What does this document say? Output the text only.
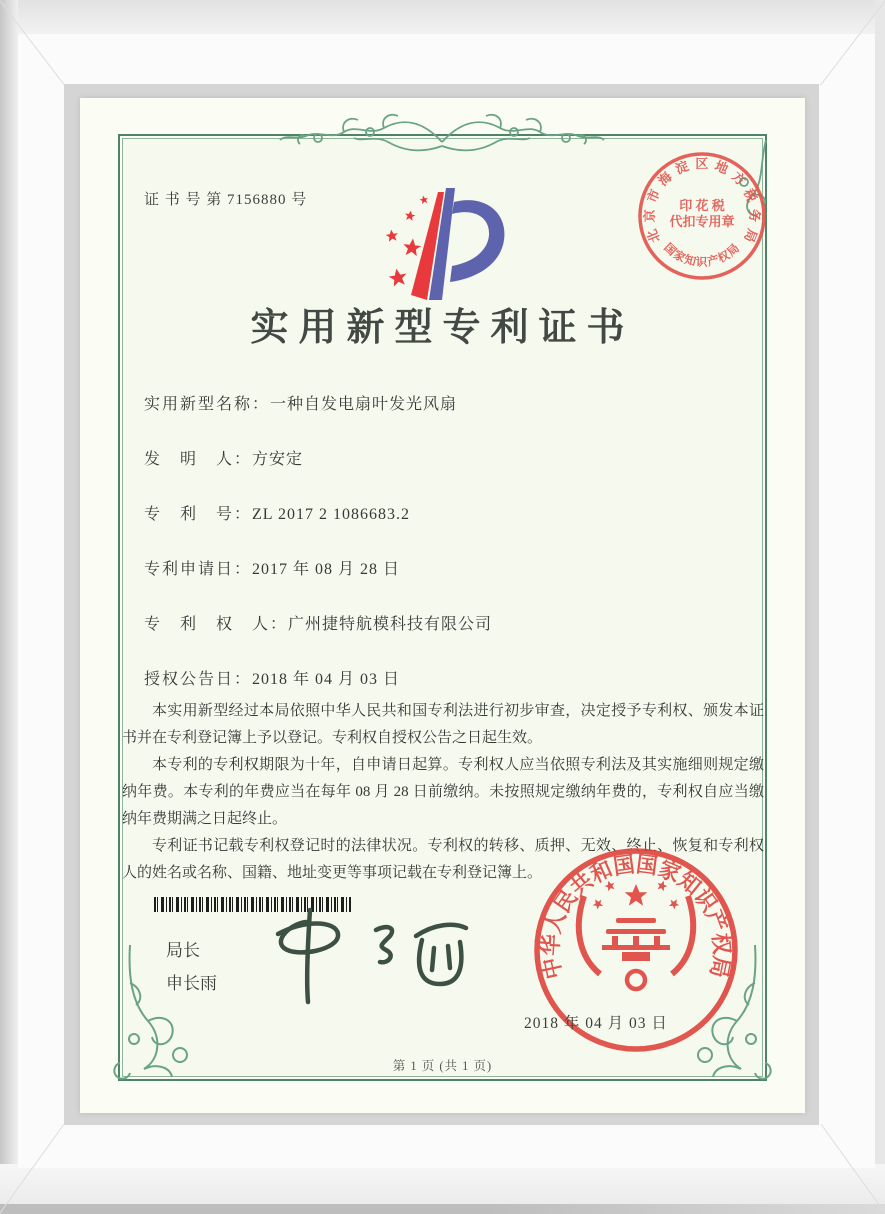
证 书 号 第 7156880 号
北京市海淀区地方税务局
国家知识产权局
印 花 税
代扣专用章
实用新型专利证书
实用新型名称：一种自发电扇叶发光风扇
发　明　人：方安定
专　利　号：ZL 2017 2 1086683.2
专利申请日：2017 年 08 月 28 日
专　利　权　人：广州捷特航模科技有限公司
授权公告日：2018 年 04 月 03 日

本实用新型经过本局依照中华人民共和国专利法进行初步审查，决定授予专利权、颁发本证书并在专利登记簿上予以登记。专利权自授权公告之日起生效。

本专利的专利权期限为十年，自申请日起算。专利权人应当依照专利法及其实施细则规定缴纳年费。本专利的年费应当在每年 08 月 28 日前缴纳。未按照规定缴纳年费的，专利权自应当缴纳年费期满之日起终止。

专利证书记载专利权登记时的法律状况。专利权的转移、质押、无效、终止、恢复和专利权人的姓名或名称、国籍、地址变更等事项记载在专利登记簿上。

局长
申长雨
中华人民共和国国家知识产权局
2018 年 04 月 03 日
第 1 页 (共 1 页)
